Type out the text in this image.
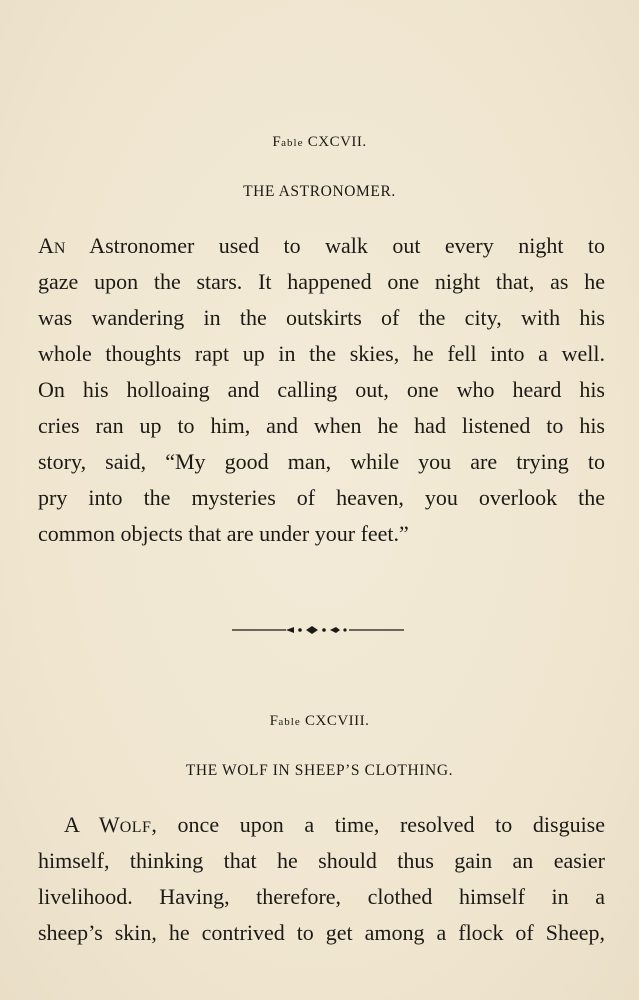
Fable CXCVII.
THE ASTRONOMER.
AN Astronomer used to walk out every night to
gaze upon the stars. It happened one night that, as he
was wandering in the outskirts of the city, with his
whole thoughts rapt up in the skies, he fell into a well.
On his holloaing and calling out, one who heard his
cries ran up to him, and when he had listened to his
story, said, “My good man, while you are trying to
pry into the mysteries of heaven, you overlook the
common objects that are under your feet.”
Fable CXCVIII.
THE WOLF IN SHEEP’S CLOTHING.
A WOLF, once upon a time, resolved to disguise
himself, thinking that he should thus gain an easier
livelihood. Having, therefore, clothed himself in a
sheep’s skin, he contrived to get among a flock of Sheep,
